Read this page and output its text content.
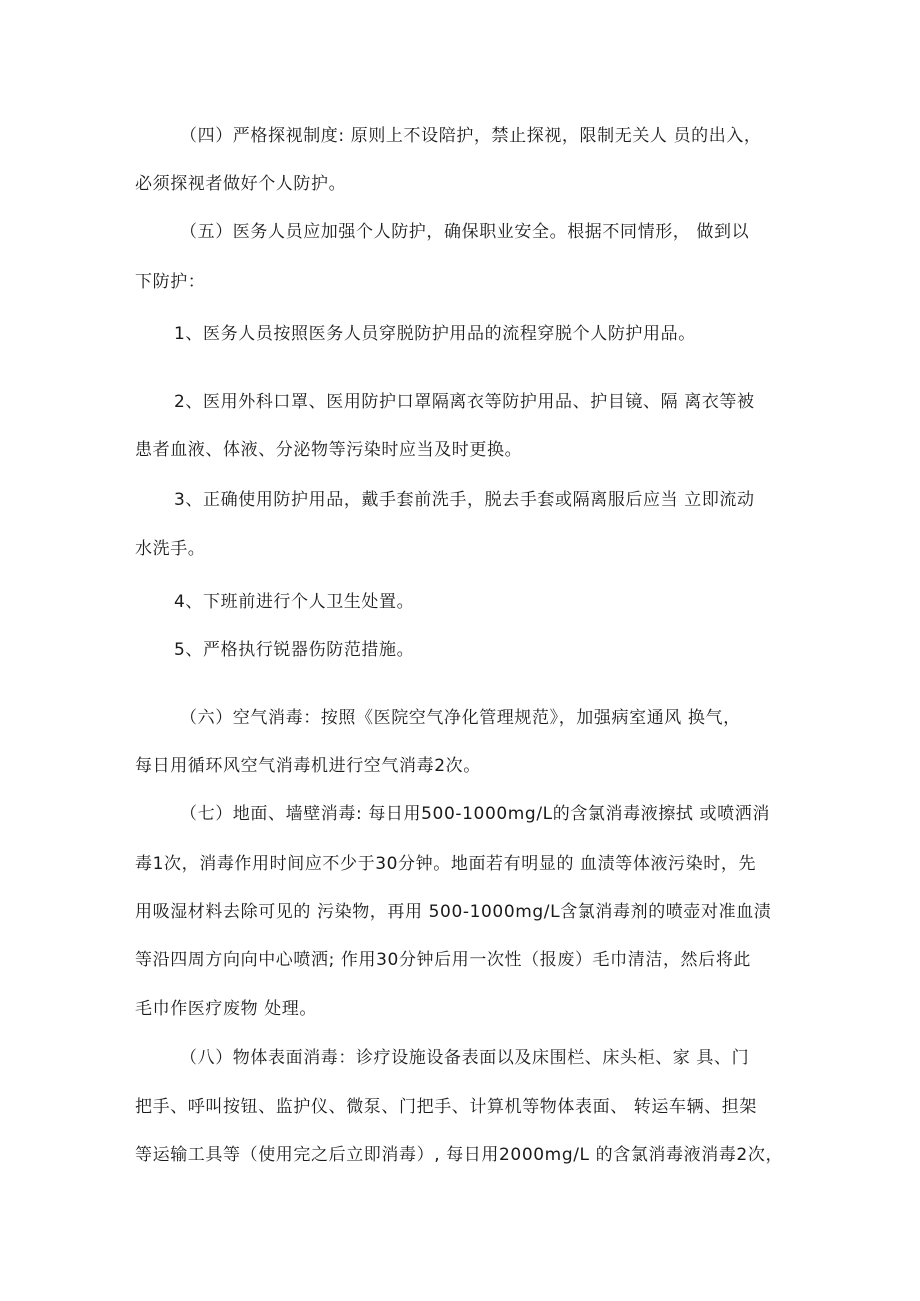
（四）严格探视制度: 原则上不设陪护，禁止探视，限制无关人 员的出入，
必须探视者做好个人防护。
（五）医务人员应加强个人防护，确保职业安全。根据不同情形， 做到以
下防护：
1、医务人员按照医务人员穿脱防护用品的流程穿脱个人防护用品。
2、医用外科口罩、医用防护口罩隔离衣等防护用品、护目镜、隔 离衣等被
患者血液、体液、分泌物等污染时应当及时更换。
3、正确使用防护用品，戴手套前洗手，脱去手套或隔离服后应当 立即流动
水洗手。
4、下班前进行个人卫生处置。
5、严格执行锐器伤防范措施。
（六）空气消毒：按照《医院空气净化管理规范》，加强病室通风 换气，
每日用循环风空气消毒机进行空气消毒2次。
（七）地面、墙壁消毒: 每日用500-1000mg/L的含氯消毒液擦拭 或喷洒消
毒1次，消毒作用时间应不少于30分钟。地面若有明显的 血渍等体液污染时，先
用吸湿材料去除可见的 污染物，再用 500-1000mg/L含氯消毒剂的喷壶对准血渍
等沿四周方向向中心喷洒; 作用30分钟后用一次性（报废）毛巾清洁，然后将此
毛巾作医疗废物 处理。
（八）物体表面消毒：诊疗设施设备表面以及床围栏、床头柜、家 具、门
把手、呼叫按钮、监护仪、微泵、门把手、计算机等物体表面、 转运车辆、担架
等运输工具等（使用完之后立即消毒）, 每日用2000mg/L 的含氯消毒液消毒2次，
